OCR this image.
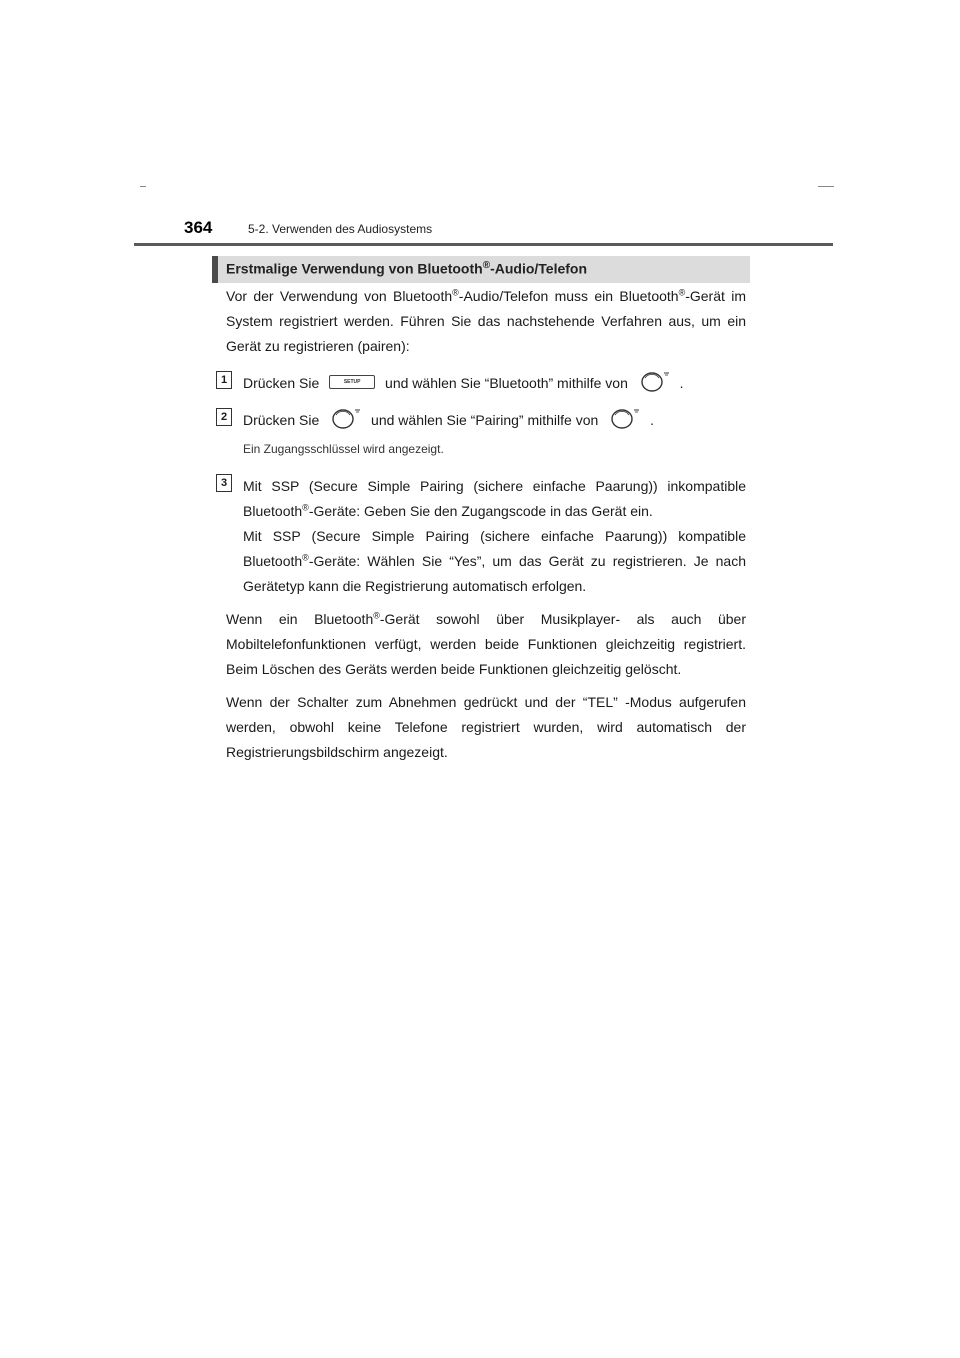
364	5-2. Verwenden des Audiosystems
Erstmalige Verwendung von Bluetooth®-Audio/Telefon

Vor der Verwendung von Bluetooth®-Audio/Telefon muss ein Bluetooth®-Gerät im System registriert werden. Führen Sie das nachstehende Verfahren aus, um ein Gerät zu registrieren (pairen):

1	Drücken Sie	SETUP und wählen Sie “Bluetooth” mithilfe von	.
2	Drücken Sie	und wählen Sie “Pairing” mithilfe von	.
Ein Zugangsschlüssel wird angezeigt.
3	Mit SSP (Secure Simple Pairing (sichere einfache Paarung)) inkompatible Bluetooth®-Geräte: Geben Sie den Zugangscode in das Gerät ein.
Mit SSP (Secure Simple Pairing (sichere einfache Paarung)) kompatible Bluetooth®-Geräte: Wählen Sie “Yes”, um das Gerät zu registrieren. Je nach Gerätetyp kann die Registrierung automatisch erfolgen.

Wenn ein Bluetooth®-Gerät sowohl über Musikplayer- als auch über Mobiltelefonfunktionen verfügt, werden beide Funktionen gleichzeitig registriert. Beim Löschen des Geräts werden beide Funktionen gleichzeitig gelöscht.

Wenn der Schalter zum Abnehmen gedrückt und der “TEL” -Modus aufgerufen werden, obwohl keine Telefone registriert wurden, wird automatisch der Registrierungsbildschirm angezeigt.
